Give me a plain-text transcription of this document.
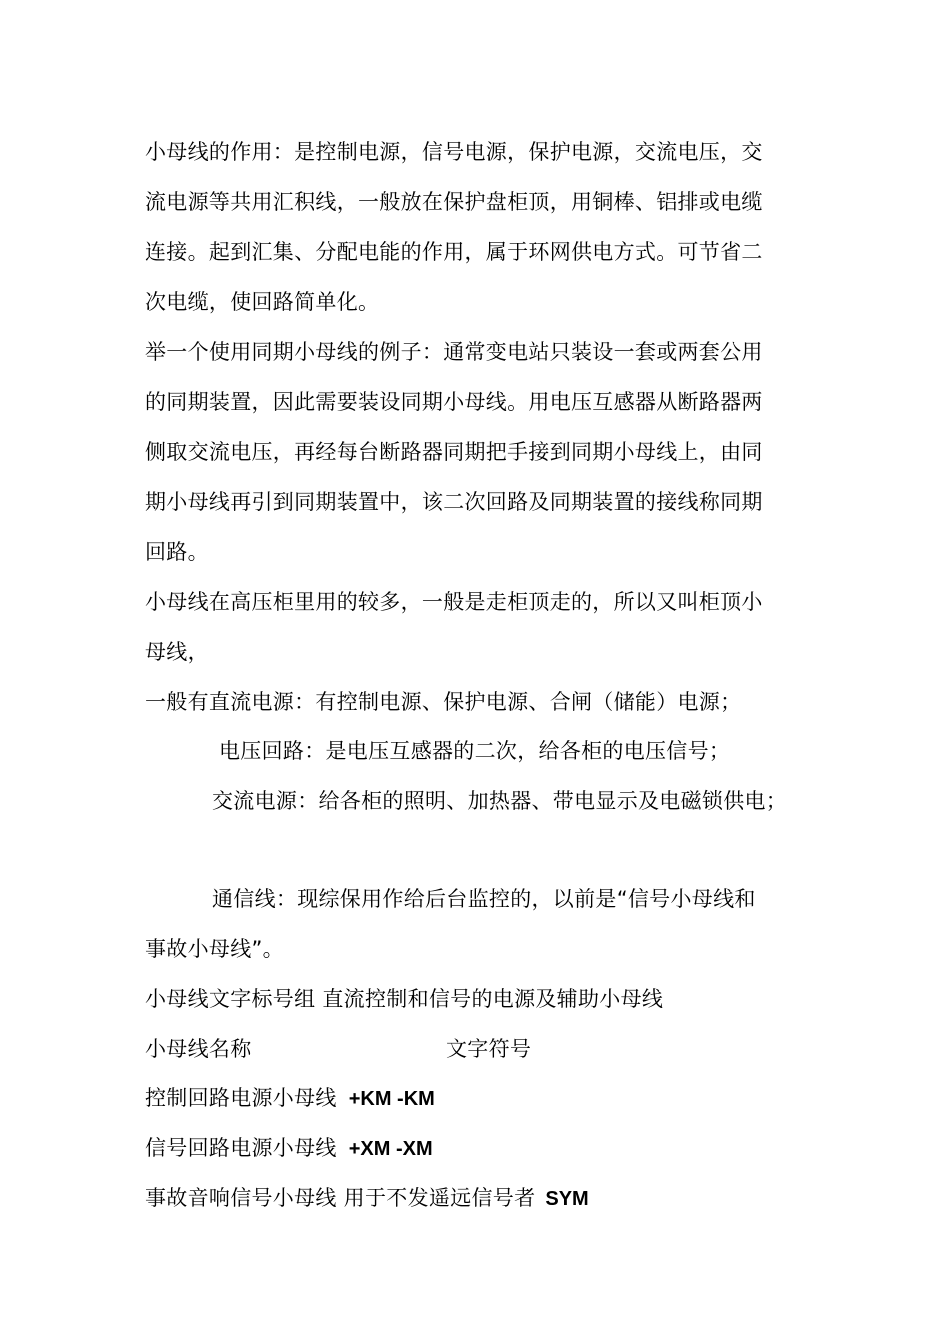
小母线的作用：是控制电源，信号电源，保护电源，交流电压，交
流电源等共用汇积线，一般放在保护盘柜顶，用铜棒、铝排或电缆
连接。起到汇集、分配电能的作用，属于环网供电方式。可节省二
次电缆，使回路简单化。
举一个使用同期小母线的例子：通常变电站只装设一套或两套公用
的同期装置，因此需要装设同期小母线。用电压互感器从断路器两
侧取交流电压，再经每台断路器同期把手接到同期小母线上，由同
期小母线再引到同期装置中，该二次回路及同期装置的接线称同期
回路。
小母线在高压柜里用的较多，一般是走柜顶走的，所以又叫柜顶小
母线，
一般有直流电源：有控制电源、保护电源、合闸（储能）电源；
电压回路：是电压互感器的二次，给各柜的电压信号；
交流电源：给各柜的照明、加热器、带电显示及电磁锁供电；
通信线：现综保用作给后台监控的，以前是“信号小母线和
事故小母线”。
小母线文字标号组 直流控制和信号的电源及辅助小母线
小母线名称	文字符号
控制回路电源小母线 +KM -KM
信号回路电源小母线 +XM -XM
事故音响信号小母线 用于不发遥远信号者 SYM
